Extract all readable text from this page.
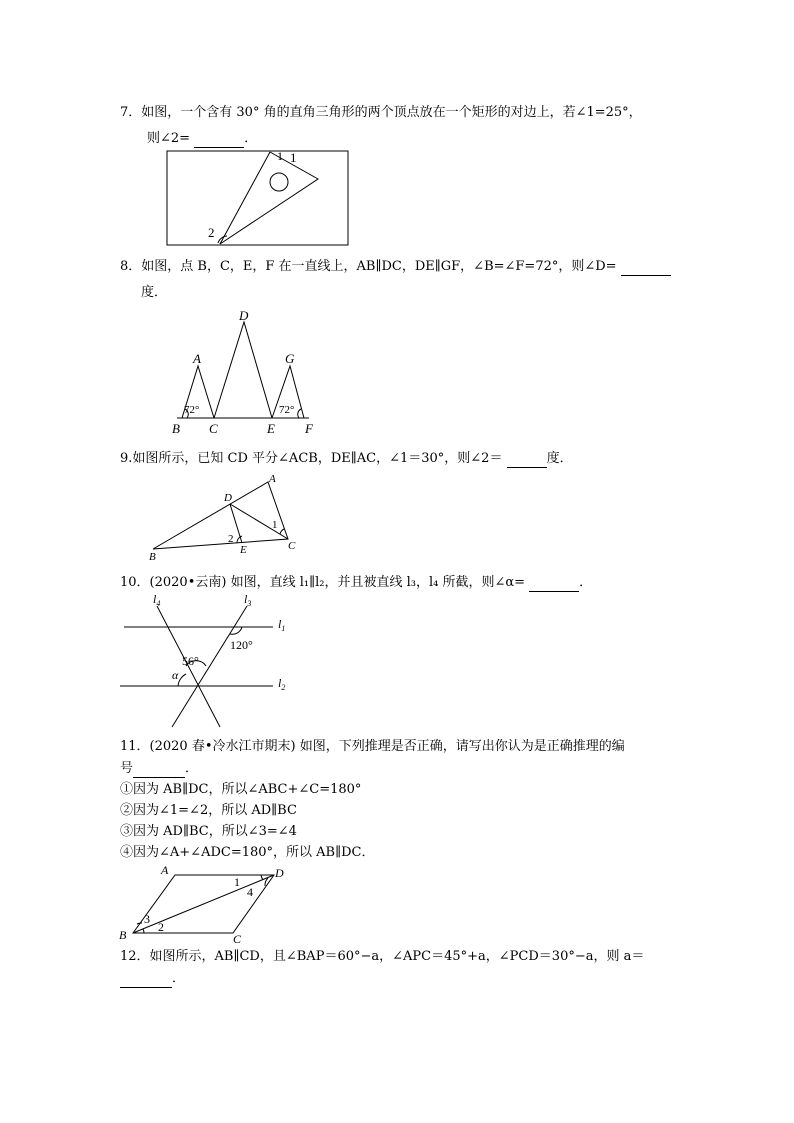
7．如图，一个含有 30° 角的直角三角形的两个顶点放在一个矩形的对边上，若∠1=25°，
则∠2=	．
1 1
2
8．如图，点 B，C，E，F 在一直线上，AB∥DC，DE∥GF，∠B=∠F=72°，则∠D=
度．
D
A	G
72°	72°
B C	E F
9.如图所示，已知 CD 平分∠ACB，DE∥AC，∠1＝30°，则∠2＝	度．
A
D
1
2
E	C
B
10．(2020•云南) 如图，直线 l₁∥l₂，并且被直线 l₃，l₄ 所截，则∠α=	．
$l_4$	$l_3$
$l_1$
$l_2$
120°
56°
α
11．(2020 春•冷水江市期末) 如图，下列推理是否正确，请写出你认为是正确推理的编
号	．
①因为 AB∥DC，所以∠ABC+∠C=180°
②因为∠1=∠2，所以 AD∥BC
③因为 AD∥BC，所以∠3=∠4
④因为∠A+∠ADC=180°，所以 AB∥DC．
A	D
1
4
3
2
B	C
12．如图所示，AB∥CD，且∠BAP＝60°−a，∠APC＝45°+a，∠PCD＝30°−a，则 a＝
．
